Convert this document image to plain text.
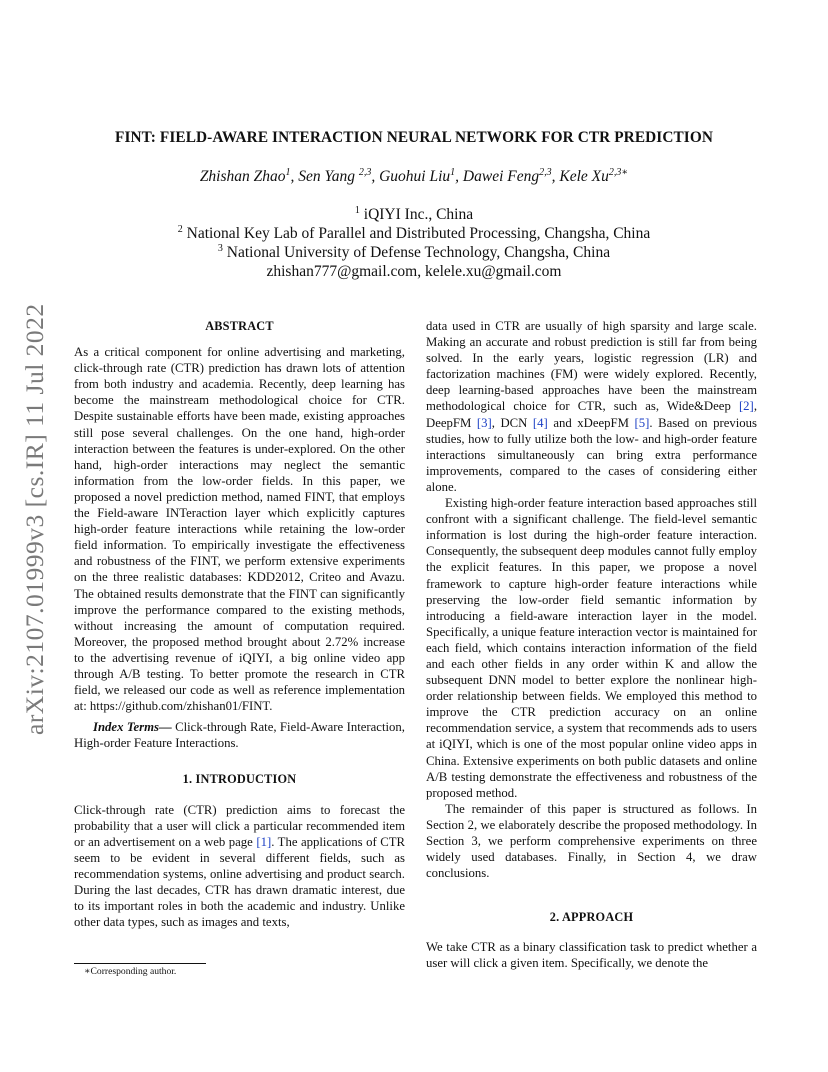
arXiv:2107.01999v3 [cs.IR] 11 Jul 2022
FINT: FIELD-AWARE INTERACTION NEURAL NETWORK FOR CTR PREDICTION
Zhishan Zhao$^1$, Sen Yang $^{2,3}$, Guohui Liu$^1$, Dawei Feng$^{2,3}$, Kele $Xu^{2,3∗}$
$^1$ iQIYI Inc., China
$^2$ National Key Lab of Parallel and Distributed Processing, Changsha, China
$^3$ National University of Defense Technology, Changsha, China
zhishan777@gmail.com, kelele.xu@gmail.com
ABSTRACT

As a critical component for online advertising and marketing, click-through rate (CTR) prediction has drawn lots of attention from both industry and academia. Recently, deep learning has become the mainstream methodological choice for CTR. Despite sustainable efforts have been made, existing approaches still pose several challenges. On the one hand, high-order interaction between the features is under-explored. On the other hand, high-order interactions may neglect the semantic information from the low-order fields. In this paper, we proposed a novel prediction method, named FINT, that employs the Field-aware INTeraction layer which explicitly captures high-order feature interactions while retaining the low-order field information. To empirically investigate the effectiveness and robustness of the FINT, we perform extensive experiments on the three realistic databases: KDD2012, Criteo and Avazu. The obtained results demonstrate that the FINT can significantly improve the performance compared to the existing methods, without increasing the amount of computation required. Moreover, the proposed method brought about 2.72% increase to the advertising revenue of iQIYI, a big online video app through A/B testing. To better promote the research in CTR field, we released our code as well as reference implementation at: https://github.com/zhishan01/FINT.

Index Terms— Click-through Rate, Field-Aware Interaction, High-order Feature Interactions.

1. INTRODUCTION

Click-through rate (CTR) prediction aims to forecast the probability that a user will click a particular recommended item or an advertisement on a web page [1]. The applications of CTR seem to be evident in several different fields, such as recommendation systems, online advertising and product search. During the last decades, CTR has drawn dramatic interest, due to its important roles in both the academic and industry. Unlike other data types, such as images and texts,

∗Corresponding author.

data used in CTR are usually of high sparsity and large scale. Making an accurate and robust prediction is still far from being solved. In the early years, logistic regression (LR) and factorization machines (FM) were widely explored. Recently, deep learning-based approaches have been the mainstream methodological choice for CTR, such as, Wide&Deep [2], DeepFM [3], DCN [4] and xDeepFM [5]. Based on previous studies, how to fully utilize both the low- and high-order feature interactions simultaneously can bring extra performance improvements, compared to the cases of considering either alone.

Existing high-order feature interaction based approaches still confront with a significant challenge. The field-level semantic information is lost during the high-order feature interaction. Consequently, the subsequent deep modules cannot fully employ the explicit features. In this paper, we propose a novel framework to capture high-order feature interactions while preserving the low-order field semantic information by introducing a field-aware interaction layer in the model. Specifically, a unique feature interaction vector is maintained for each field, which contains interaction information of the field and each other fields in any order within K and allow the subsequent DNN model to better explore the nonlinear high-order relationship between fields. We employed this method to improve the CTR prediction accuracy on an online recommendation service, a system that recommends ads to users at iQIYI, which is one of the most popular online video apps in China. Extensive experiments on both public datasets and online A/B testing demonstrate the effectiveness and robustness of the proposed method.

The remainder of this paper is structured as follows. In Section 2, we elaborately describe the proposed methodology. In Section 3, we perform comprehensive experiments on three widely used databases. Finally, in Section 4, we draw conclusions.

2. APPROACH

We take CTR as a binary classification task to predict whether a user will click a given item. Specifically, we denote the
